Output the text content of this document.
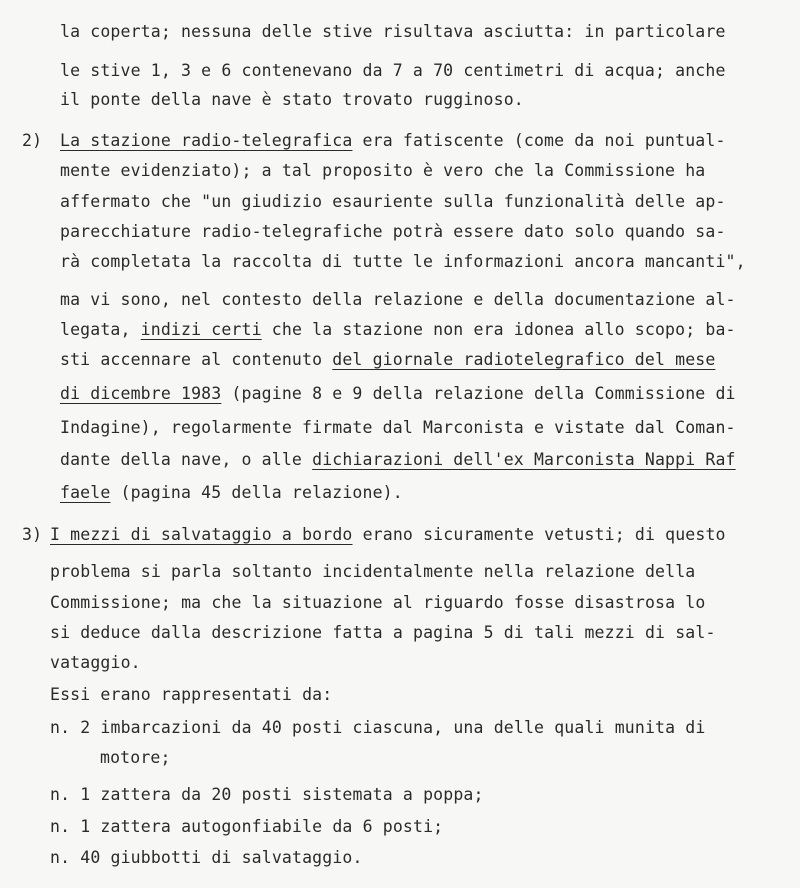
la coperta; nessuna delle stive risultava asciutta: in particolare
le stive 1, 3 e 6 contenevano da 7 a 70 centimetri di acqua; anche
il ponte della nave è stato trovato rugginoso.
2) La stazione radio-telegrafica era fatiscente (come da noi puntual-
mente evidenziato); a tal proposito è vero che la Commissione ha
affermato che "un giudizio esauriente sulla funzionalità delle ap-
parecchiature radio-telegrafiche potrà essere dato solo quando sa-
rà completata la raccolta di tutte le informazioni ancora mancanti",
ma vi sono, nel contesto della relazione e della documentazione al-
legata, indizi certi che la stazione non era idonea allo scopo; ba-
sti accennare al contenuto del giornale radiotelegrafico del mese
di dicembre 1983 (pagine 8 e 9 della relazione della Commissione di
Indagine), regolarmente firmate dal Marconista e vistate dal Coman-
dante della nave, o alle dichiarazioni dell'ex Marconista Nappi Raf
faele (pagina 45 della relazione).
3) I mezzi di salvataggio a bordo erano sicuramente vetusti; di questo
problema si parla soltanto incidentalmente nella relazione della
Commissione; ma che la situazione al riguardo fosse disastrosa lo
si deduce dalla descrizione fatta a pagina 5 di tali mezzi di sal-
vataggio.
Essi erano rappresentati da:
n. 2 imbarcazioni da 40 posti ciascuna, una delle quali munita di
motore;
n. 1 zattera da 20 posti sistemata a poppa;
n. 1 zattera autogonfiabile da 6 posti;
n. 40 giubbotti di salvataggio.
